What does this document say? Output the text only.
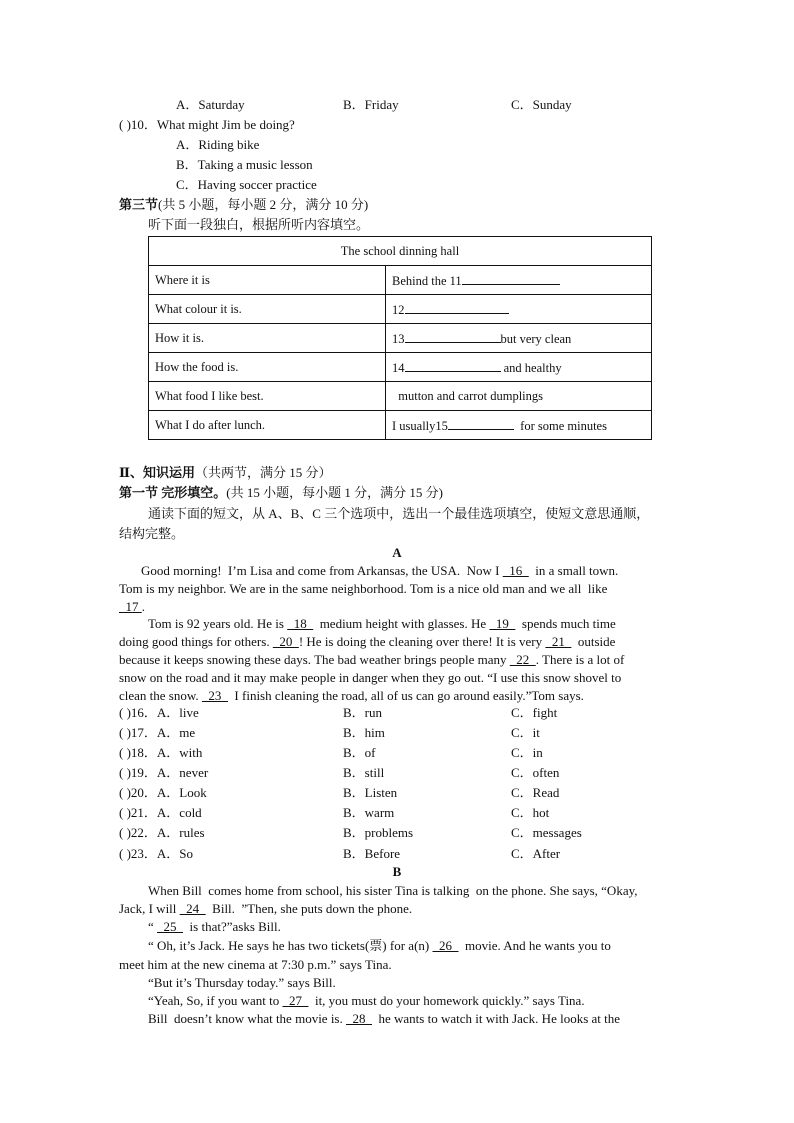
A．Saturday	B．Friday	C．Sunday
( )10．What might Jim be doing?
A．Riding bike
B．Taking a music lesson
C．Having soccer practice
第三节(共 5 小题，每小题 2 分，满分 10 分)
听下面一段独白，根据所听内容填空。
The school dinning hall	
Where it is	Behind the 11
What colour it is.	12
How it is.	13 but very clean
How the food is.	14 and healthy
What food I like best.	mutton and carrot dumplings
What I do after lunch.	I usually15 for some minutes
Ⅱ、知识运用（共两节，满分 15 分）
第一节 完形填空。(共 15 小题，每小题 1 分，满分 15 分)
通读下面的短文，从 A、B、C 三个选项中，选出一个最佳选项填空，使短文意思通顺，
结构完整。
A
Good morning!  I’m Lisa and come from Arkansas, the USA.  Now I   16    in a small town.
Tom is my neighbor. We are in the same neighborhood. Tom is a nice old man and we all  like
17 .
Tom is 92 years old. He is   18    medium height with glasses. He   19    spends much time
doing good things for others.   20  ! He is doing the cleaning over there! It is very   21    outside
because it keeps snowing these days. The bad weather brings people many   22  . There is a lot of
snow on the road and it may make people in danger when they go out. “I use this snow shovel to
clean the snow.   23    I finish cleaning the road, all of us can go around easily.”Tom says.
( )16．A．live	B．run	C．fight
( )17．A．me	B．him	C．it
( )18．A．with	B．of	C．in
( )19．A．never	B．still	C．often
( )20．A．Look	B．Listen	C．Read
( )21．A．cold	B．warm	C．hot
( )22．A．rules	B．problems	C．messages
( )23．A．So	B．Before	C．After
B
When Bill  comes home from school, his sister Tina is talking  on the phone. She says, “Okay,
Jack, I will   24    Bill.  ”Then, she puts down the phone.
“   25    is that?”asks Bill.
“ Oh, it’s Jack. He says he has two tickets(票) for a(n)   26    movie. And he wants you to
meet him at the new cinema at 7:30 p.m.” says Tina.
“But it’s Thursday today.” says Bill.
“Yeah, So, if you want to   27    it, you must do your homework quickly.” says Tina.
Bill  doesn’t know what the movie is.   28    he wants to watch it with Jack. He looks at the
